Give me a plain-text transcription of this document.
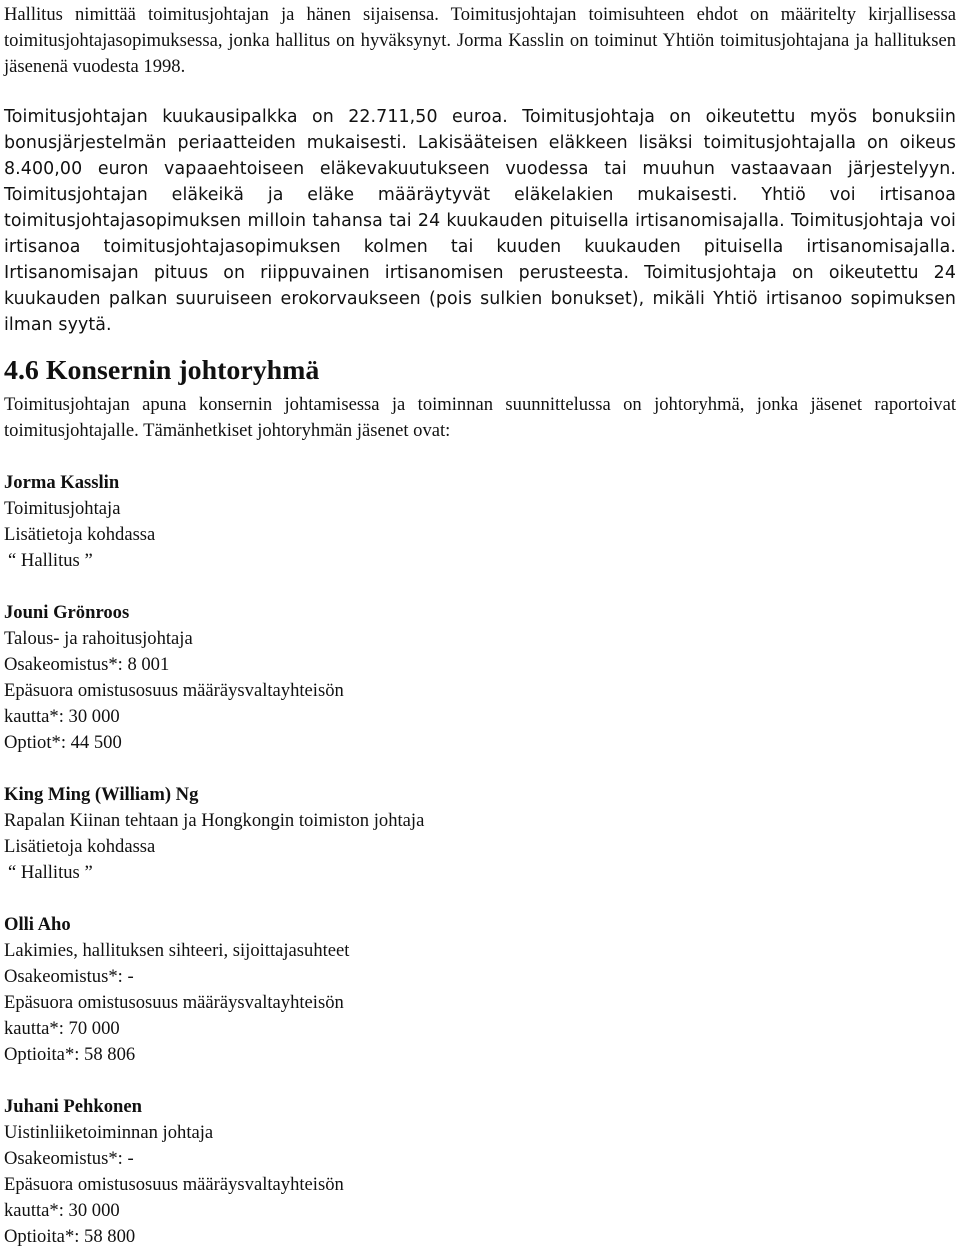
Hallitus nimittää toimitusjohtajan ja hänen sijaisensa. Toimitusjohtajan toimisuhteen ehdot on määritelty kirjallisessa toimitusjohtajasopimuksessa, jonka hallitus on hyväksynyt. Jorma Kasslin on toiminut Yhtiön toimitusjohtajana ja hallituksen jäsenenä vuodesta 1998.

Toimitusjohtajan kuukausipalkka on 22.711,50 euroa. Toimitusjohtaja on oikeutettu myös bonuksiin bonusjärjestelmän periaatteiden mukaisesti. Lakisääteisen eläkkeen lisäksi toimitusjohtajalla on oikeus 8.400,00 euron vapaaehtoiseen eläkevakuutukseen vuodessa tai muuhun vastaavaan järjestelyyn. Toimitusjohtajan eläkeikä ja eläke määräytyvät eläkelakien mukaisesti. Yhtiö voi irtisanoa toimitusjohtajasopimuksen milloin tahansa tai 24 kuukauden pituisella irtisanomisajalla. Toimitusjohtaja voi irtisanoa toimitusjohtajasopimuksen kolmen tai kuuden kuukauden pituisella irtisanomisajalla. Irtisanomisajan pituus on riippuvainen irtisanomisen perusteesta. Toimitusjohtaja on oikeutettu 24 kuukauden palkan suuruiseen erokorvaukseen (pois sulkien bonukset), mikäli Yhtiö irtisanoo sopimuksen ilman syytä.

4.6 Konsernin johtoryhmä

Toimitusjohtajan apuna konsernin johtamisessa ja toiminnan suunnittelussa on johtoryhmä, jonka jäsenet raportoivat toimitusjohtajalle. Tämänhetkiset johtoryhmän jäsenet ovat:

Jorma Kasslin

Toimitusjohtaja

Lisätietoja kohdassa

“ Hallitus ”

Jouni Grönroos

Talous- ja rahoitusjohtaja

Osakeomistus*: 8 001

Epäsuora omistusosuus määräysvaltayhteisön

kautta*: 30 000

Optiot*: 44 500

King Ming (William) Ng

Rapalan Kiinan tehtaan ja Hongkongin toimiston johtaja

Lisätietoja kohdassa

“ Hallitus ”

Olli Aho

Lakimies, hallituksen sihteeri, sijoittajasuhteet

Osakeomistus*: -

Epäsuora omistusosuus määräysvaltayhteisön

kautta*: 70 000

Optioita*: 58 806

Juhani Pehkonen

Uistinliiketoiminnan johtaja

Osakeomistus*: -

Epäsuora omistusosuus määräysvaltayhteisön

kautta*: 30 000

Optioita*: 58 800
